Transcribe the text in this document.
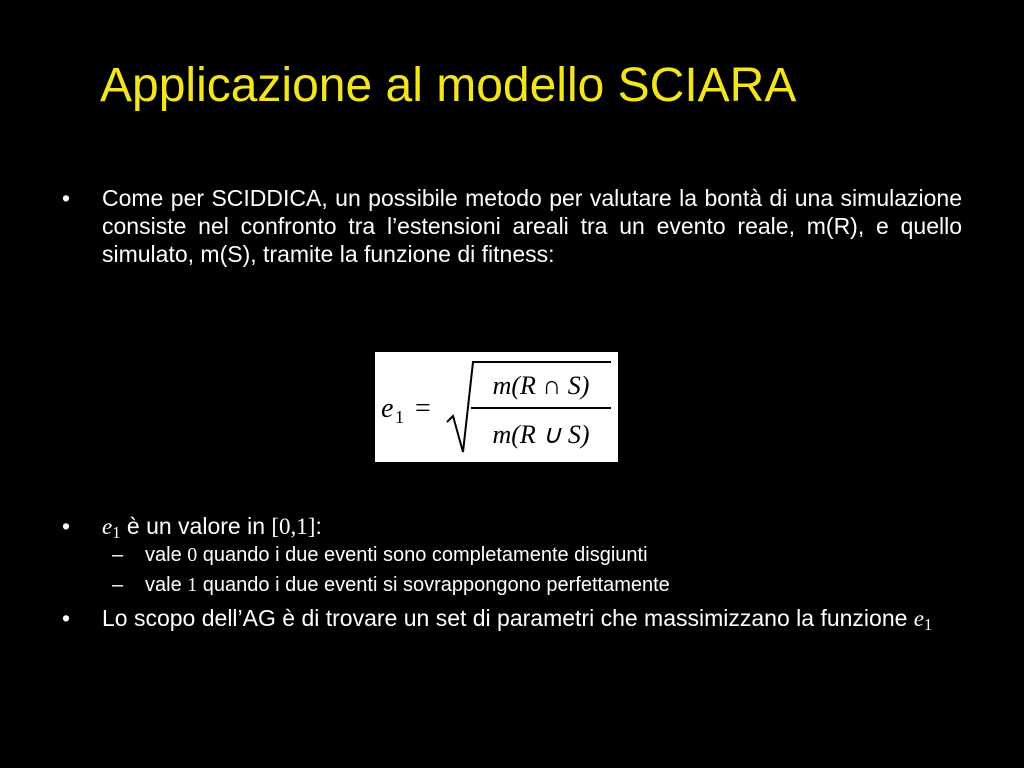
Applicazione al modello SCIARA
• Come per SCIDDICA, un possibile metodo per valutare la bontà di una simulazione consiste nel confronto tra l’estensioni areali tra un evento reale, m(R), e quello simulato, m(S), tramite la funzione di fitness:
e 1 =
m(R ∩ S)
m(R ∪ S)
• e1 è un valore in [0,1]:
– vale 0 quando i due eventi sono completamente disgiunti
– vale 1 quando i due eventi si sovrappongono perfettamente
• Lo scopo dell’AG è di trovare un set di parametri che massimizzano la funzione e1
